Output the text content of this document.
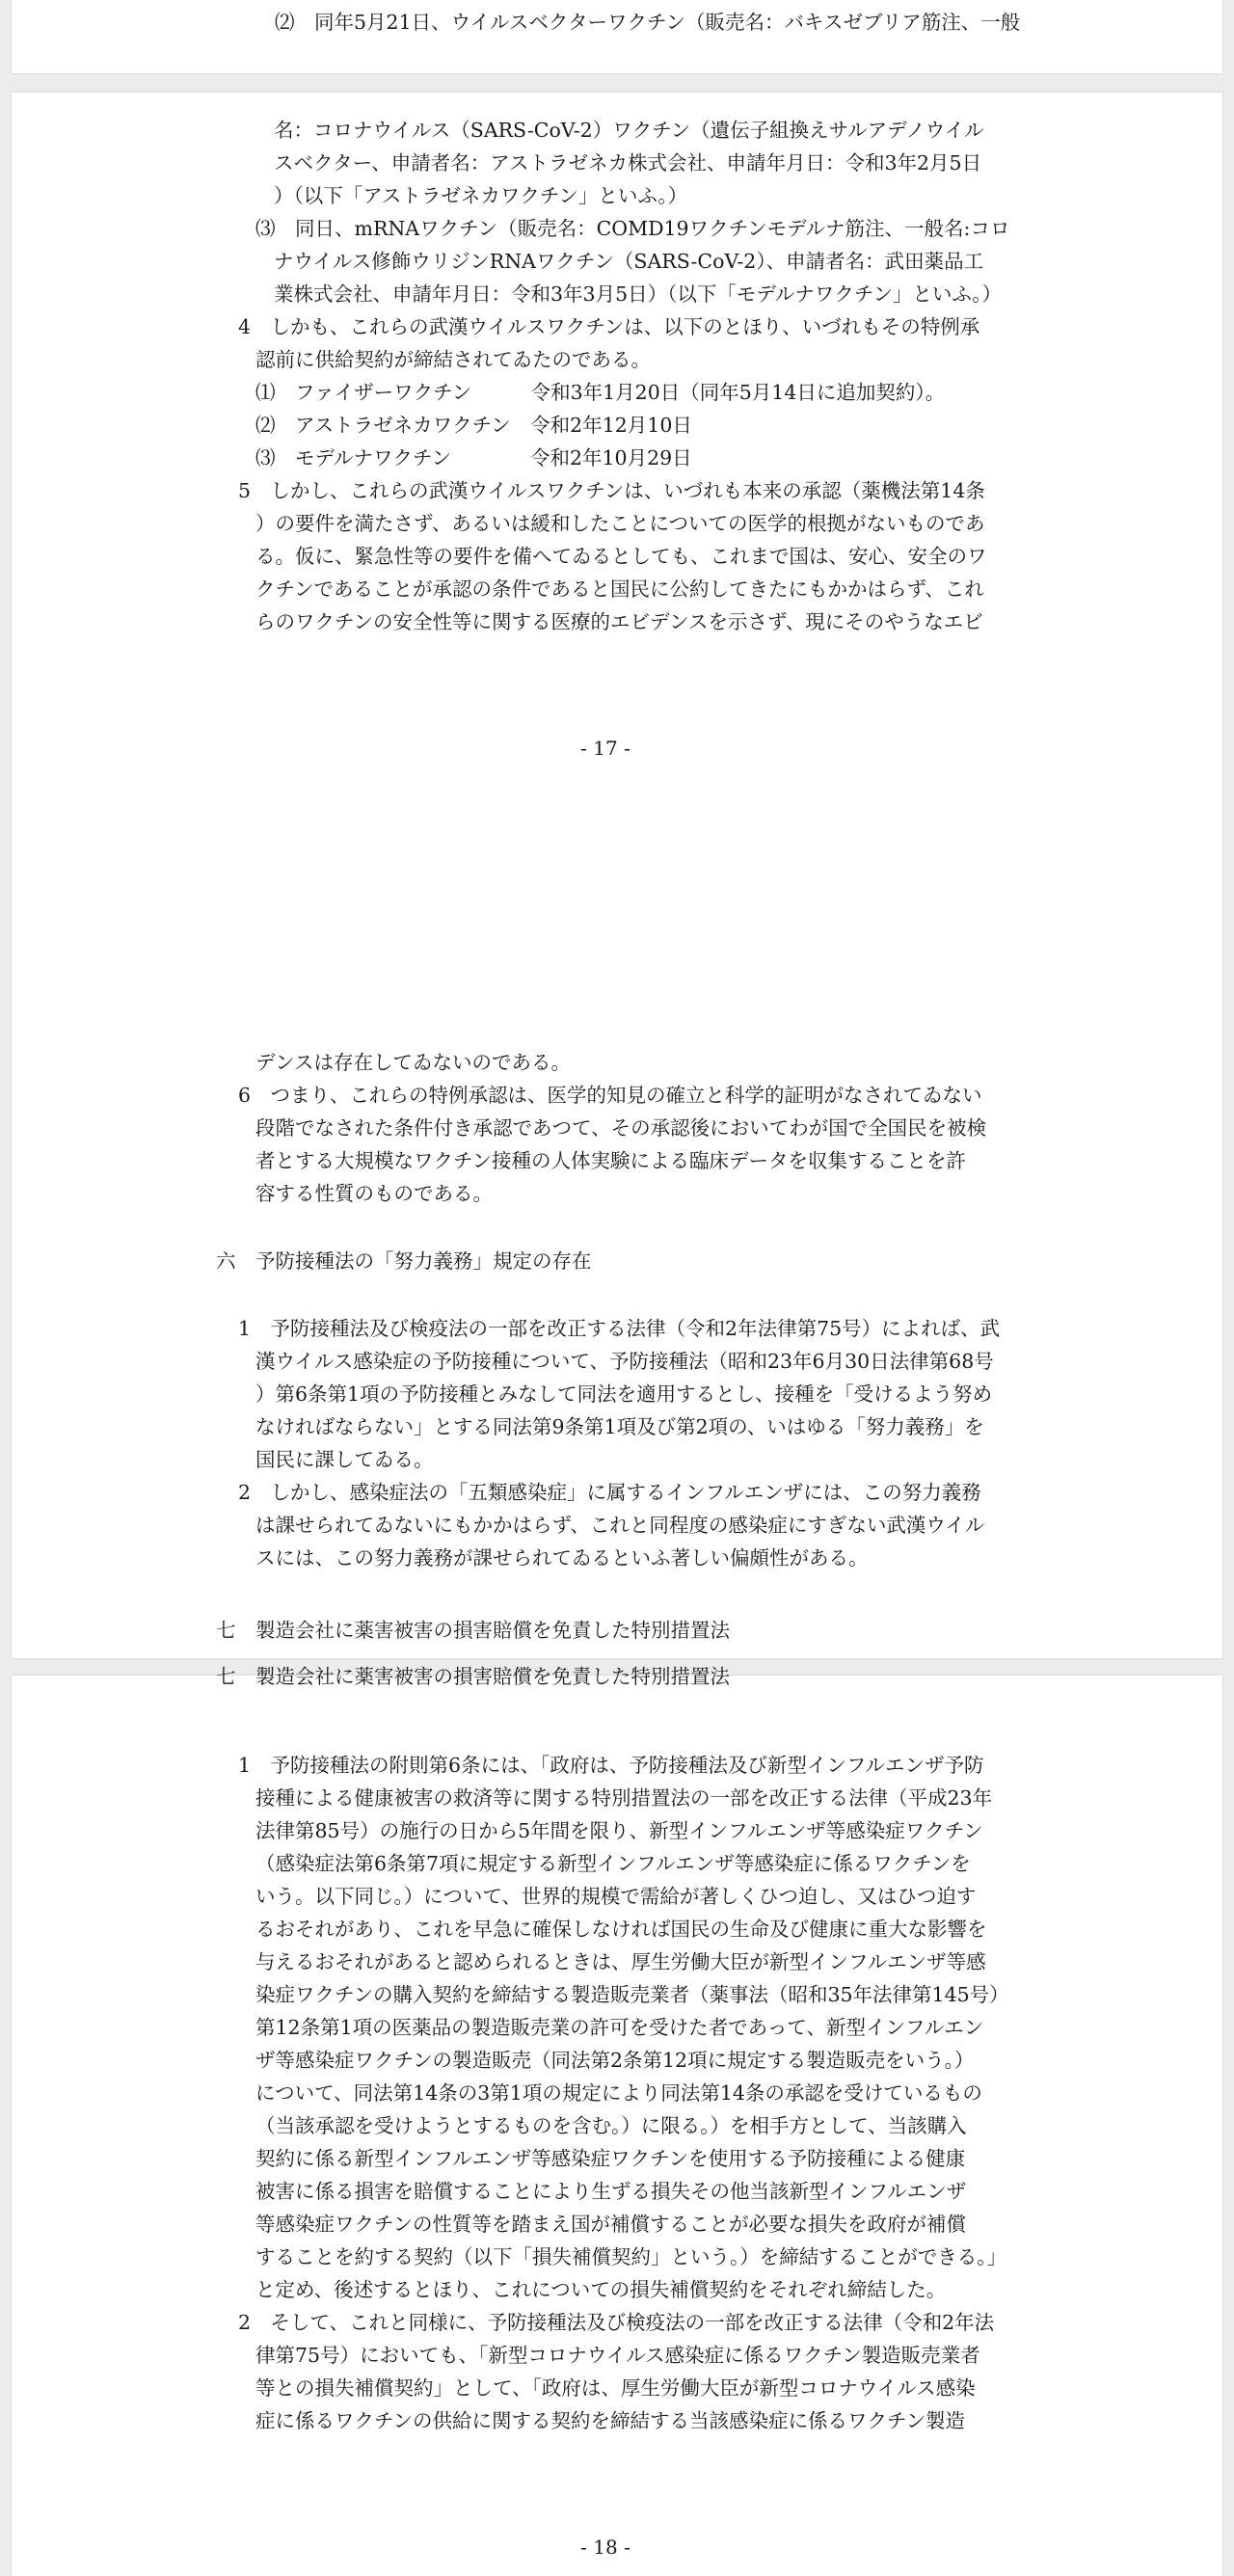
⑵　同年5月21日、ウイルスベクターワクチン（販売名：バキスゼブリア筋注、一般
名：コロナウイルス（SARS-CoV-2）ワクチン（遺伝子組換えサルアデノウイル
スベクター、申請者名：アストラゼネカ株式会社、申請年月日：令和3年2月5日
）（以下「アストラゼネカワクチン」といふ。）
⑶　同日、mRNAワクチン（販売名：COMD19ワクチンモデルナ筋注、一般名:コロ
ナウイルス修飾ウリジンRNAワクチン（SARS-CoV-2）、申請者名：武田薬品工
業株式会社、申請年月日：令和3年3月5日）（以下「モデルナワクチン」といふ。）
4　しかも、これらの武漢ウイルスワクチンは、以下のとほり、いづれもその特例承
認前に供給契約が締結されてゐたのである。
⑴　ファイザーワクチン　　　令和3年1月20日（同年5月14日に追加契約）。
⑵　アストラゼネカワクチン　令和2年12月10日
⑶　モデルナワクチン　　　　令和2年10月29日
5　しかし、これらの武漢ウイルスワクチンは、いづれも本来の承認（薬機法第14条
）の要件を満たさず、あるいは緩和したことについての医学的根拠がないものであ
る。仮に、緊急性等の要件を備へてゐるとしても、これまで国は、安心、安全のワ
クチンであることが承認の条件であると国民に公約してきたにもかかはらず、これ
らのワクチンの安全性等に関する医療的エビデンスを示さず、現にそのやうなエビ
- 17 -
デンスは存在してゐないのである。
6　つまり、これらの特例承認は、医学的知見の確立と科学的証明がなされてゐない
段階でなされた条件付き承認であつて、その承認後においてわが国で全国民を被検
者とする大規模なワクチン接種の人体実験による臨床データを収集することを許
容する性質のものである。
六　予防接種法の「努力義務」規定の存在
1　予防接種法及び検疫法の一部を改正する法律（令和2年法律第75号）によれば、武
漢ウイルス感染症の予防接種について、予防接種法（昭和23年6月30日法律第68号
）第6条第1項の予防接種とみなして同法を適用するとし、接種を「受けるよう努め
なければならない」とする同法第9条第1項及び第2項の、いはゆる「努力義務」を
国民に課してゐる。
2　しかし、感染症法の「五類感染症」に属するインフルエンザには、この努力義務
は課せられてゐないにもかかはらず、これと同程度の感染症にすぎない武漢ウイル
スには、この努力義務が課せられてゐるといふ著しい偏頗性がある。
七　製造会社に薬害被害の損害賠償を免責した特別措置法
七　製造会社に薬害被害の損害賠償を免責した特別措置法
1　予防接種法の附則第6条には、「政府は、予防接種法及び新型インフルエンザ予防
接種による健康被害の救済等に関する特別措置法の一部を改正する法律（平成23年
法律第85号）の施行の日から5年間を限り、新型インフルエンザ等感染症ワクチン
（感染症法第6条第7項に規定する新型インフルエンザ等感染症に係るワクチンを
いう。以下同じ。）について、世界的規模で需給が著しくひつ迫し、又はひつ迫す
るおそれがあり、これを早急に確保しなければ国民の生命及び健康に重大な影響を
与えるおそれがあると認められるときは、厚生労働大臣が新型インフルエンザ等感
染症ワクチンの購入契約を締結する製造販売業者（薬事法（昭和35年法律第145号）
第12条第1項の医薬品の製造販売業の許可を受けた者であって、新型インフルエン
ザ等感染症ワクチンの製造販売（同法第2条第12項に規定する製造販売をいう。）
について、同法第14条の3第1項の規定により同法第14条の承認を受けているもの
（当該承認を受けようとするものを含む。）に限る。）を相手方として、当該購入
契約に係る新型インフルエンザ等感染症ワクチンを使用する予防接種による健康
被害に係る損害を賠償することにより生ずる損失その他当該新型インフルエンザ
等感染症ワクチンの性質等を踏まえ国が補償することが必要な損失を政府が補償
することを約する契約（以下「損失補償契約」という。）を締結することができる。」
と定め、後述するとほり、これについての損失補償契約をそれぞれ締結した。
2　そして、これと同様に、予防接種法及び検疫法の一部を改正する法律（令和2年法
律第75号）においても、「新型コロナウイルス感染症に係るワクチン製造販売業者
等との損失補償契約」として、「政府は、厚生労働大臣が新型コロナウイルス感染
症に係るワクチンの供給に関する契約を締結する当該感染症に係るワクチン製造
- 18 -
